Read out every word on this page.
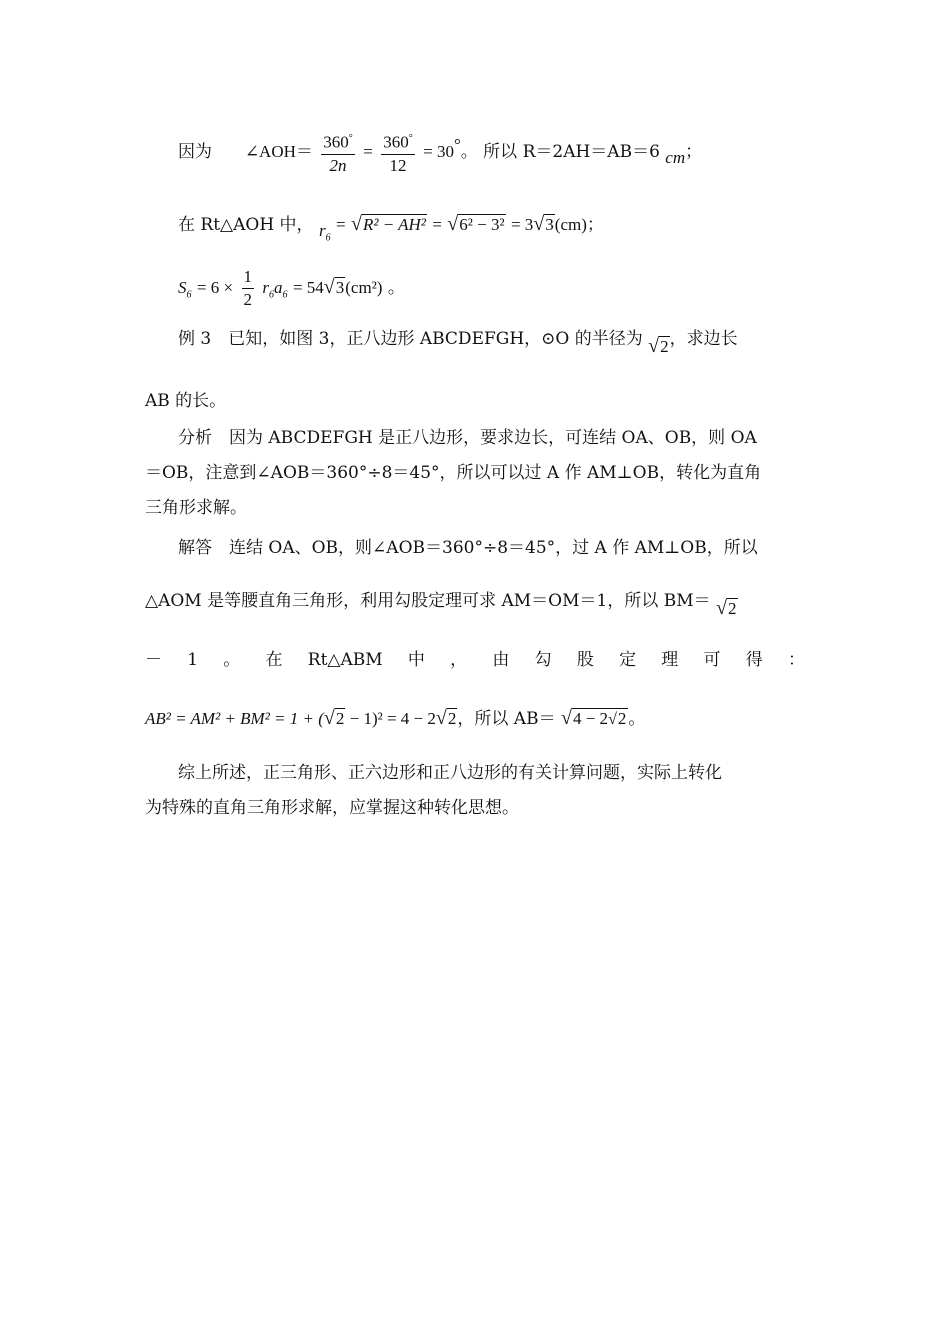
因为 ∠AOH＝ $\frac{360^\circ}{2n} = \frac{360^\circ}{12} = 30^\circ$。 所以 R＝2AH＝AB＝6 cm；
在 Rt△AOH 中， $r_6 = √R^2 - AH^2 = √6^2 - 3^2 = 3√3(cm)$；
$S_6 = 6 \times \frac{1}{2} r_6a_6 = 54√3(cm^2)$ 。
例 3　已知，如图 3，正八边形 ABCDEFGH，⊙O 的半径为 √2，求边长
AB 的长。
分析　因为 ABCDEFGH 是正八边形，要求边长，可连结 OA、OB，则 OA
＝OB，注意到∠AOB＝360°÷8＝45°，所以可以过 A 作 AM⊥OB，转化为直角
三角形求解。
解答　连结 OA、OB，则∠AOB＝360°÷8＝45°，过 A 作 AM⊥OB，所以
△AOM 是等腰直角三角形，利用勾股定理可求 AM＝OM＝1，所以 BM＝ √2
－ 1 。 在 Rt△ABM 中 ， 由 勾 股 定 理 可 得 ：
AB² = AM² + BM² = 1 + (√2 − 1)² = 4 − 2√2，所以 AB＝ √4 − 2√2 。
综上所述，正三角形、正六边形和正八边形的有关计算问题，实际上转化
为特殊的直角三角形求解，应掌握这种转化思想。
